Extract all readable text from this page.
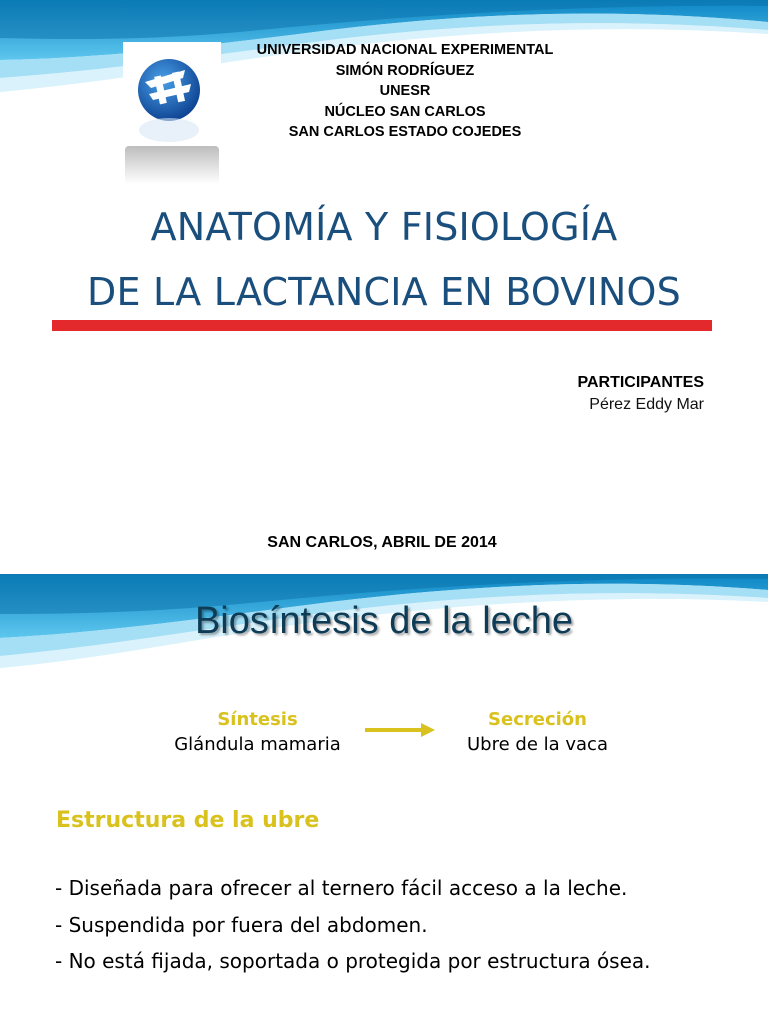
UNIVERSIDAD NACIONAL EXPERIMENTAL
SIMÓN RODRÍGUEZ
UNESR
NÚCLEO SAN CARLOS
SAN CARLOS ESTADO COJEDES
ANATOMÍA Y FISIOLOGÍA
DE LA LACTANCIA EN BOVINOS
PARTICIPANTES
Pérez Eddy Mar
SAN CARLOS, ABRIL DE 2014
Biosíntesis de la leche
Síntesis
Glándula mamaria
Secreción
Ubre de la vaca
Estructura de la ubre

- Diseñada para ofrecer al ternero fácil acceso a la leche.

- Suspendida por fuera del abdomen.

- No está fijada, soportada o protegida por estructura ósea.
